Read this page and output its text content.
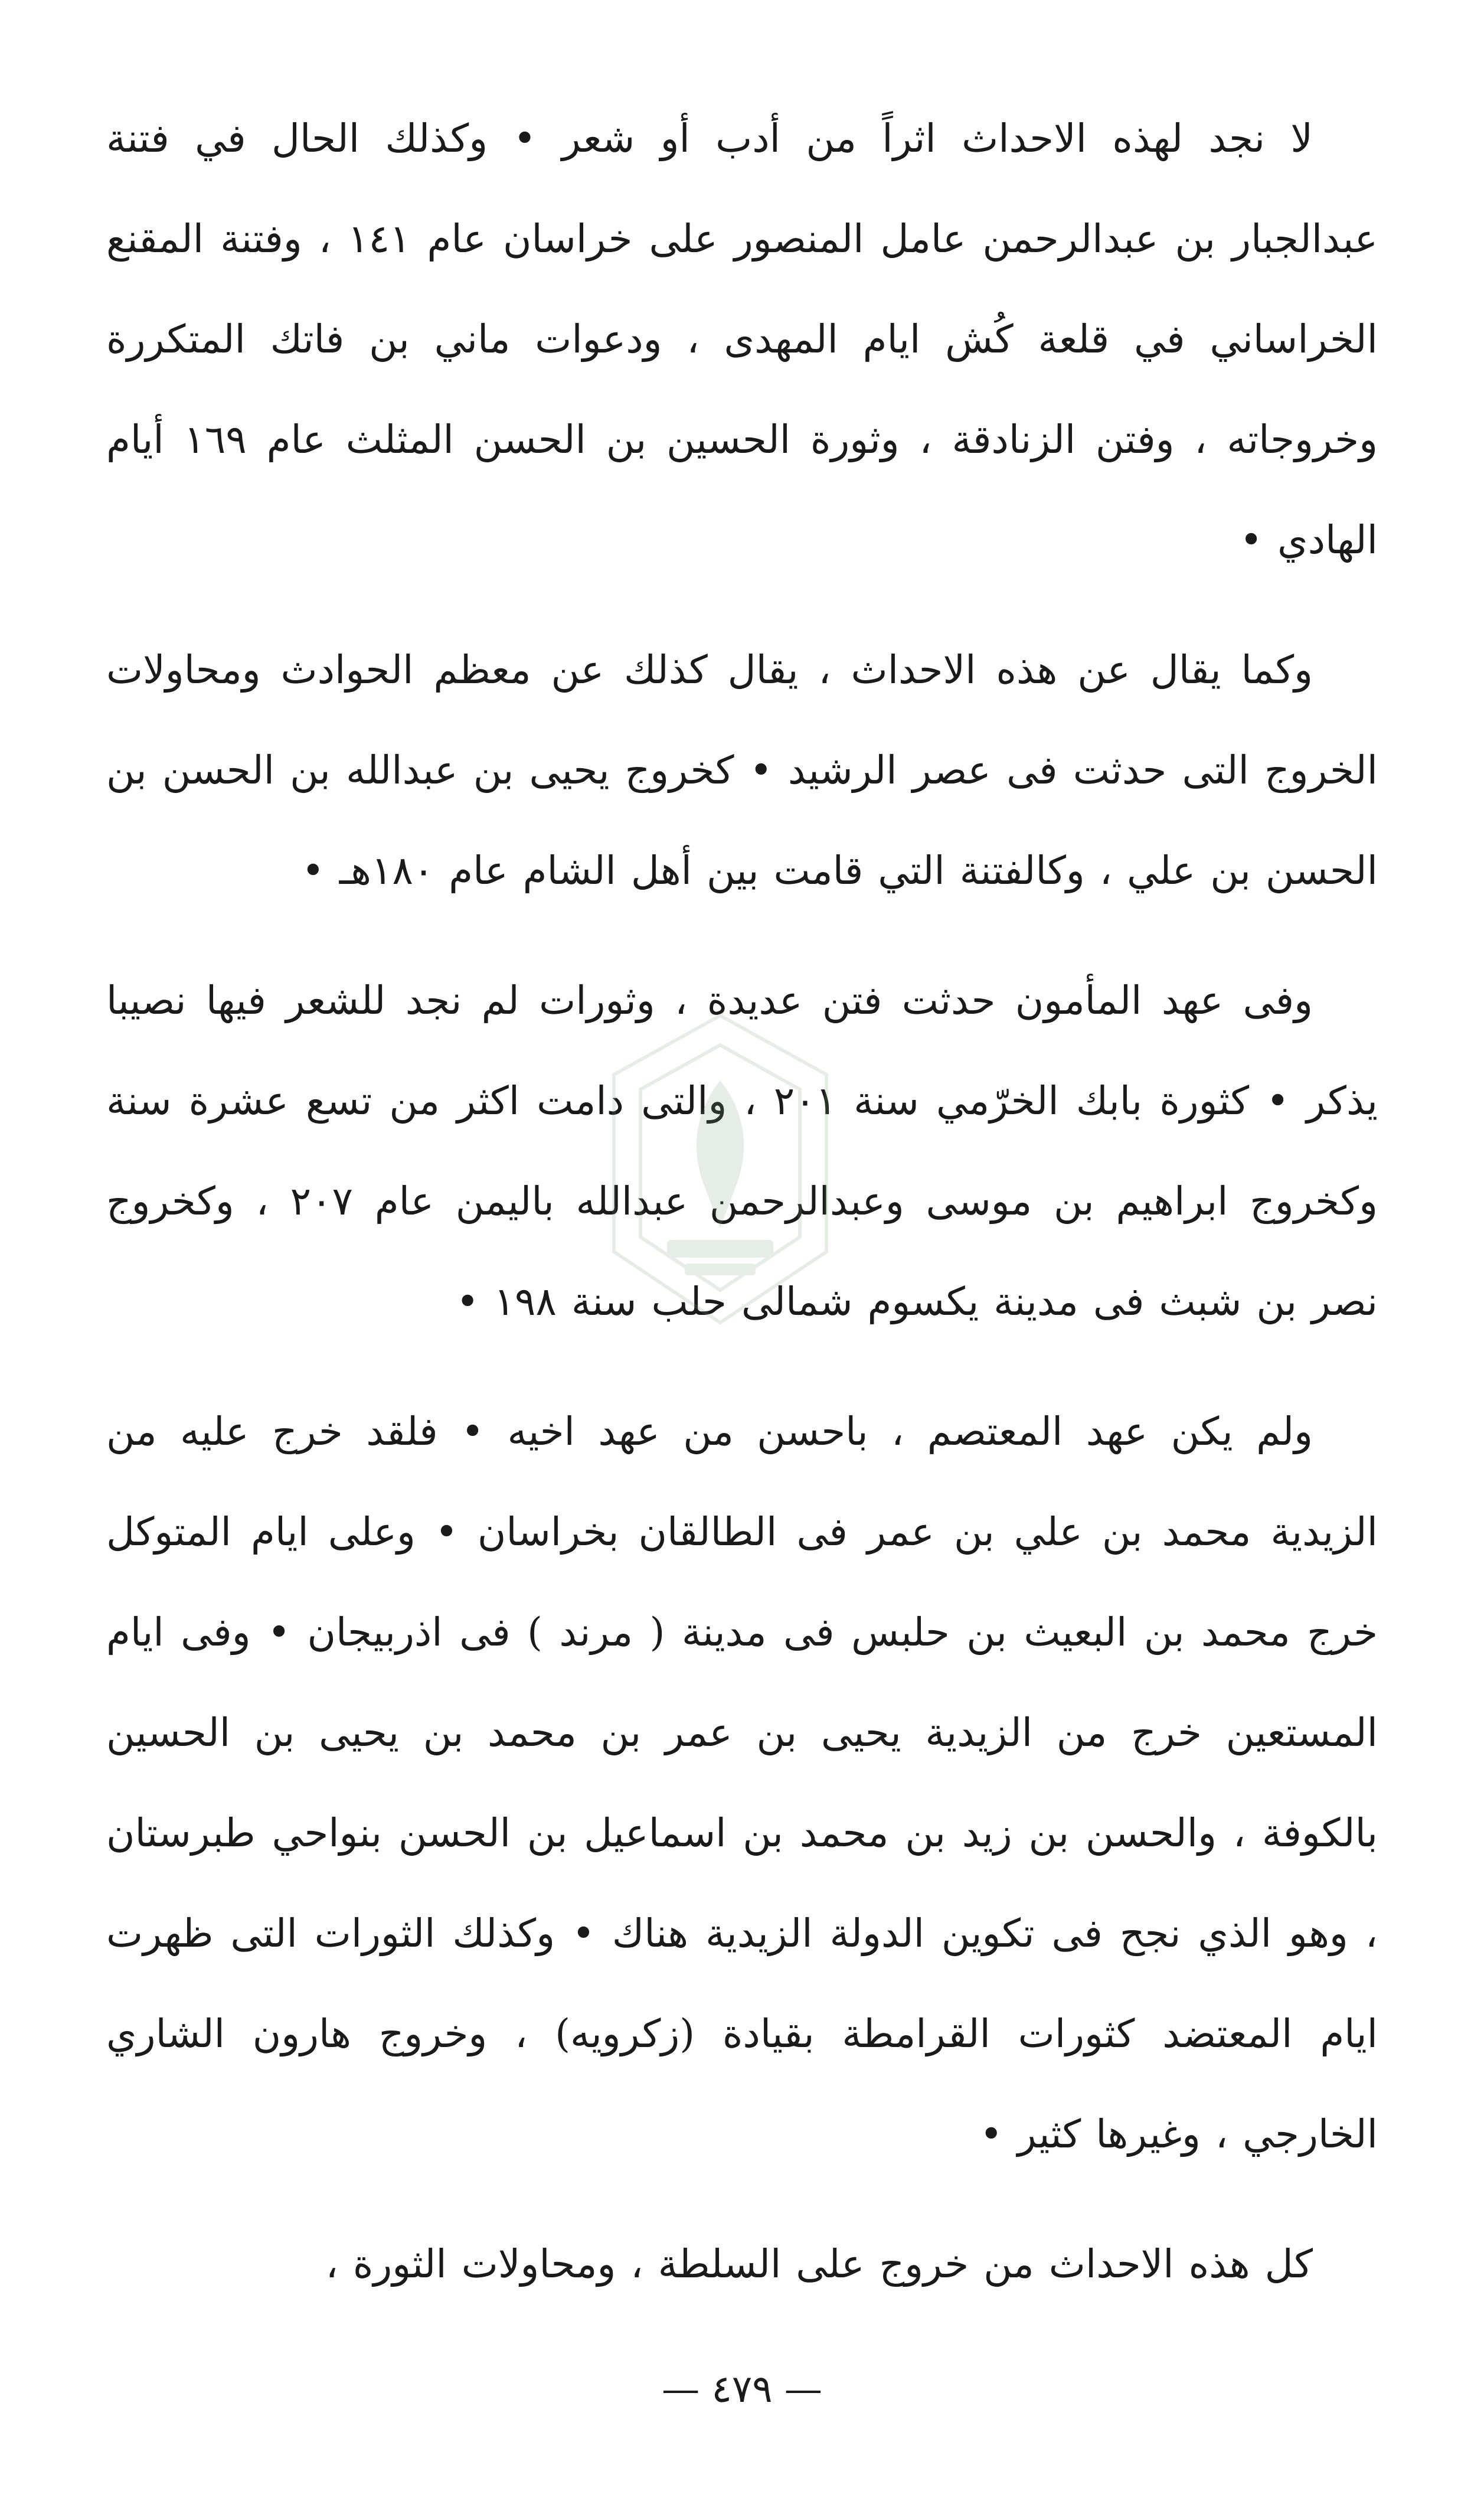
لا نجد لهذه الاحداث اثراً من أدب أو شعر • وكذلك الحال في فتنة عبدالجبار بن عبدالرحمن عامل المنصور على خراسان عام ١٤١ ، وفتنة المقنع الخراساني في قلعة كُش ايام المهدى ، ودعوات ماني بن فاتك المتكررة وخروجاته ، وفتن الزنادقة ، وثورة الحسين بن الحسن المثلث عام ١٦٩ أيام الهادي •

وكما يقال عن هذه الاحداث ، يقال كذلك عن معظم الحوادث ومحاولات الخروج التى حدثت فى عصر الرشيد • كخروج يحيى بن عبدالله بن الحسن بن الحسن بن علي ، وكالفتنة التي قامت بين أهل الشام عام ١٨٠هـ •

وفى عهد المأمون حدثت فتن عديدة ، وثورات لم نجد للشعر فيها نصيبا يذكر • كثورة بابك الخرّمي سنة ٢٠١ ، والتى دامت اكثر من تسع عشرة سنة وكخروج ابراهيم بن موسى وعبدالرحمن عبدالله باليمن عام ٢٠٧ ، وكخروج نصر بن شبث فى مدينة يكسوم شمالى حلب سنة ١٩٨ •

ولم يكن عهد المعتصم ، باحسن من عهد اخيه • فلقد خرج عليه من الزيدية محمد بن علي بن عمر فى الطالقان بخراسان • وعلى ايام المتوكل خرج محمد بن البعيث بن حلبس فى مدينة ( مرند ) فى اذربيجان • وفى ايام المستعين خرج من الزيدية يحيى بن عمر بن محمد بن يحيى بن الحسين بالكوفة ، والحسن بن زيد بن محمد بن اسماعيل بن الحسن بنواحي طبرستان ، وهو الذي نجح فى تكوين الدولة الزيدية هناك • وكذلك الثورات التى ظهرت ايام المعتضد كثورات القرامطة بقيادة (زكرويه) ، وخروج هارون الشاري الخارجي ، وغيرها كثير •

كل هذه الاحداث من خروج على السلطة ، ومحاولات الثورة ،

— ٤٧٩ —
